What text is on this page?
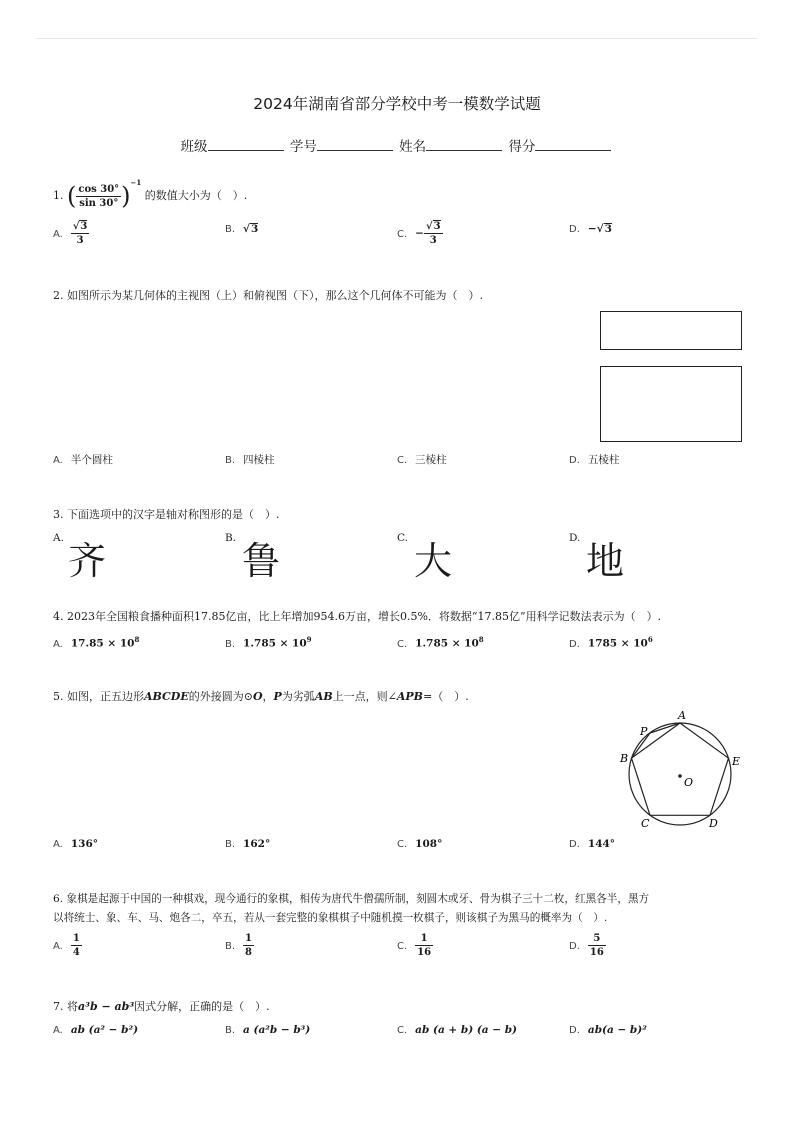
2024年湖南省部分学校中考一模数学试题
班级	学号	姓名	得分
1. ( $\frac{\cos 30^\circ}{\sin 30^\circ} )^{-1}$ 的数值大小为（　）.
A. $\frac{√3}{3}$	B. √3	C. − $\frac{√3}{3}$	D. −√3
2. 如图所示为某几何体的主视图（上）和俯视图（下），那么这个几何体不可能为（　）.
A. 半个圆柱	B. 四棱柱	C. 三棱柱	D. 五棱柱
3. 下面选项中的汉字是轴对称图形的是（　）.
A.
齐
B.
鲁
C.
大
D.
地
4. 2023年全国粮食播种面积17.85亿亩，比上年增加954.6万亩，增长0.5%．将数据“17.85亿”用科学记数法表示为（　）.
A. $17.85 \times 10^8$	B. $1.785 \times 10^9$	C. $1.785 \times 10^8$	D. $1785 \times 10^6$
5. 如图，正五边形ABCDE的外接圆为⊙O，P为劣弧AB上一点，则∠APB=（　）.
A
P
B	E
O
C	D
A. 136°	B. 162°	C. 108°	D. 144°
6. 象棋是起源于中国的一种棋戏，现今通行的象棋，相传为唐代牛僧孺所制，刻圆木或牙、骨为棋子三十二枚，红黑各半，黑方
以将统士、象、车、马、炮各二，卒五，若从一套完整的象棋棋子中随机摸一枚棋子，则该棋子为黑马的概率为（　）.
A. $\frac{1}{4}$	B. $\frac{1}{8}$	C. $\frac{1}{16}$	D. $\frac{5}{16}$
7. 将a³b − ab³因式分解，正确的是（　）.
A. ab (a² − b²)	B. a (a²b − b³)	C. ab (a + b) (a − b)	D. ab(a − b)²
